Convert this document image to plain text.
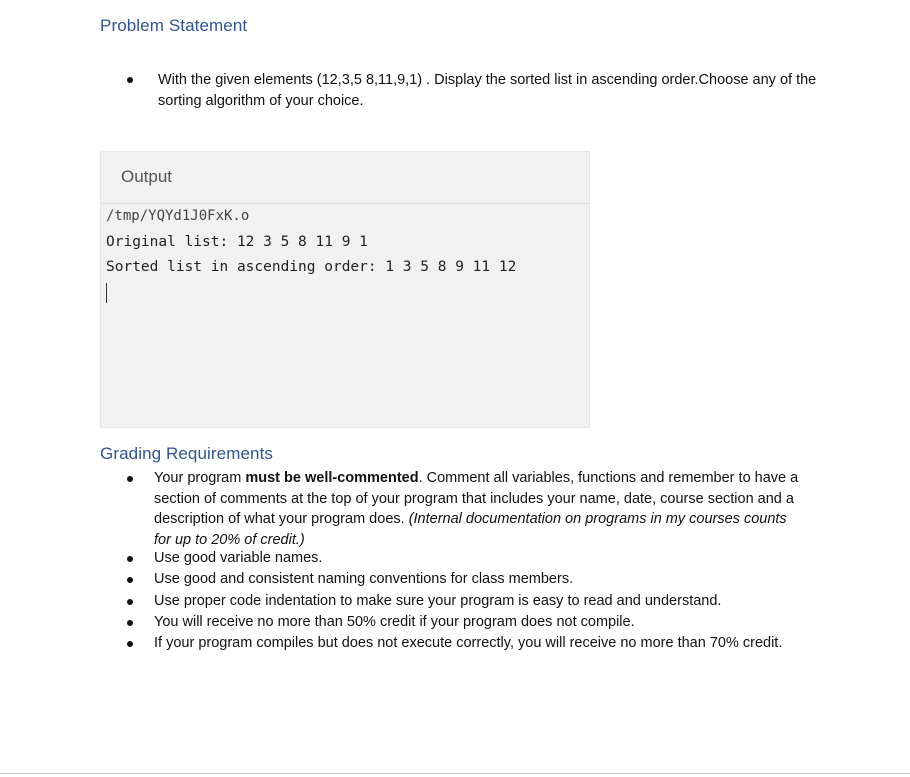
Problem Statement
With the given elements (12,3,5 8,11,9,1) . Display the sorted list in ascending order.Choose any of the sorting algorithm of your choice.
Output
/tmp/YQYd1J0FxK.o
Original list: 12 3 5 8 11 9 1
Sorted list in ascending order: 1 3 5 8 9 11 12
Grading Requirements
Your program must be well-commented. Comment all variables, functions and remember to have a section of comments at the top of your program that includes your name, date, course section and a description of what your program does. (Internal documentation on programs in my courses counts for up to 20% of credit.)
Use good variable names.
Use good and consistent naming conventions for class members.
Use proper code indentation to make sure your program is easy to read and understand.
You will receive no more than 50% credit if your program does not compile.
If your program compiles but does not execute correctly, you will receive no more than 70% credit.
